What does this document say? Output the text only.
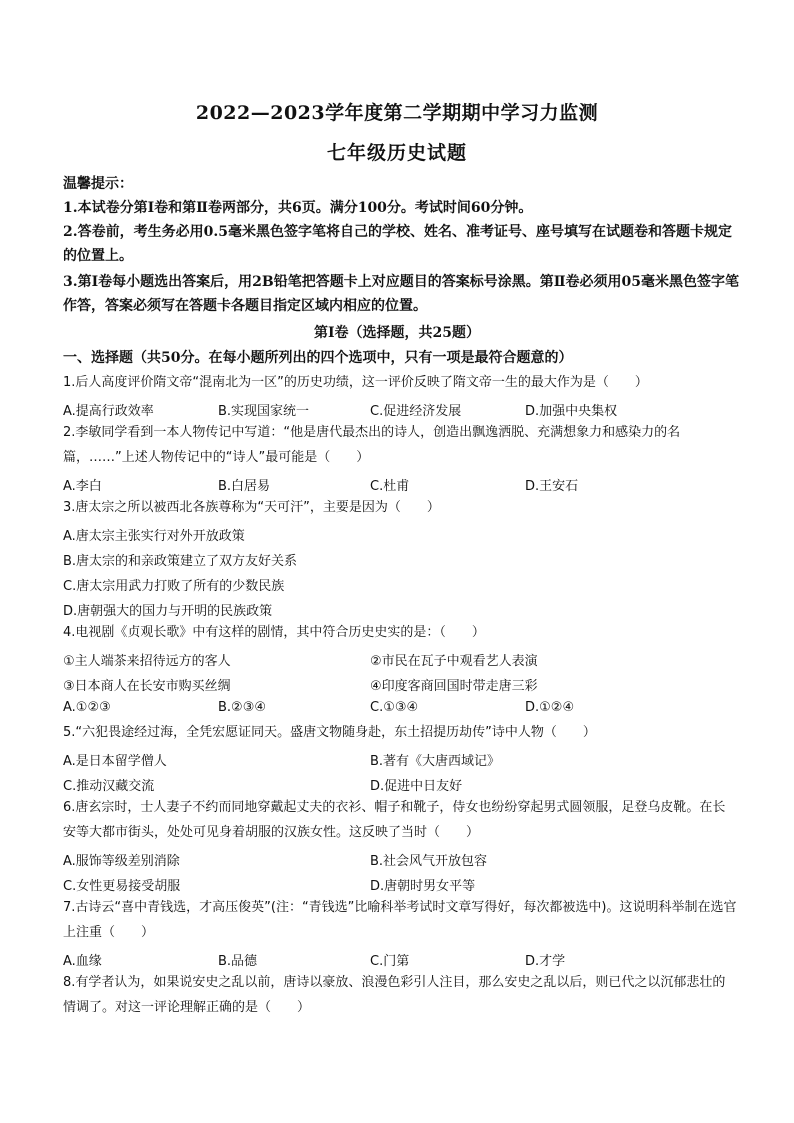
2022—2023学年度第二学期期中学习力监测
七年级历史试题
温馨提示：
1.本试卷分第Ⅰ卷和第Ⅱ卷两部分，共6页。满分100分。考试时间60分钟。
2.答卷前，考生务必用0.5毫米黑色签字笔将自己的学校、姓名、准考证号、座号填写在试题卷和答题卡规定的位置上。
3.第Ⅰ卷每小题选出答案后，用2B铅笔把答题卡上对应题目的答案标号涂黑。第Ⅱ卷必须用05毫米黑色签字笔作答，答案必须写在答题卡各题目指定区域内相应的位置。
第Ⅰ卷（选择题，共25题）
一、选择题（共50分。在每小题所列出的四个选项中，只有一项是最符合题意的）
1.后人高度评价隋文帝“混南北为一区”的历史功绩，这一评价反映了隋文帝一生的最大作为是（　　）
A.提高行政效率	B.实现国家统一	C.促进经济发展	D.加强中央集权
2.李敏同学看到一本人物传记中写道：“他是唐代最杰出的诗人，创造出飘逸洒脱、充满想象力和感染力的名篇，……”上述人物传记中的“诗人”最可能是（　　）
A.李白	B.白居易	C.杜甫	D.王安石
3.唐太宗之所以被西北各族尊称为“天可汗”，主要是因为（　　）
A.唐太宗主张实行对外开放政策
B.唐太宗的和亲政策建立了双方友好关系
C.唐太宗用武力打败了所有的少数民族
D.唐朝强大的国力与开明的民族政策
4.电视剧《贞观长歌》中有这样的剧情，其中符合历史史实的是：（　　）
①主人端茶来招待远方的客人	②市民在瓦子中观看艺人表演
③日本商人在长安市购买丝绸	④印度客商回国时带走唐三彩
A.①②③	B.②③④	C.①③④	D.①②④
5.“六犯畏途经过海，全凭宏愿证同天。盛唐文物随身赴，东土招提历劫传”诗中人物（　　）
A.是日本留学僧人	B.著有《大唐西域记》
C.推动汉藏交流	D.促进中日友好
6.唐玄宗时，士人妻子不约而同地穿戴起丈夫的衣衫、帽子和靴子，侍女也纷纷穿起男式圆领服，足登乌皮靴。在长安等大都市街头，处处可见身着胡服的汉族女性。这反映了当时（　　）
A.服饰等级差别消除	B.社会风气开放包容
C.女性更易接受胡服	D.唐朝时男女平等
7.古诗云“喜中青钱选，才高压俊英”(注：“青钱选”比喻科举考试时文章写得好，每次都被选中)。这说明科举制在选官上注重（　　）
A.血缘	B.品德	C.门第	D.才学
8.有学者认为，如果说安史之乱以前，唐诗以豪放、浪漫色彩引人注目，那么安史之乱以后，则已代之以沉郁悲壮的情调了。对这一评论理解正确的是（　　）
